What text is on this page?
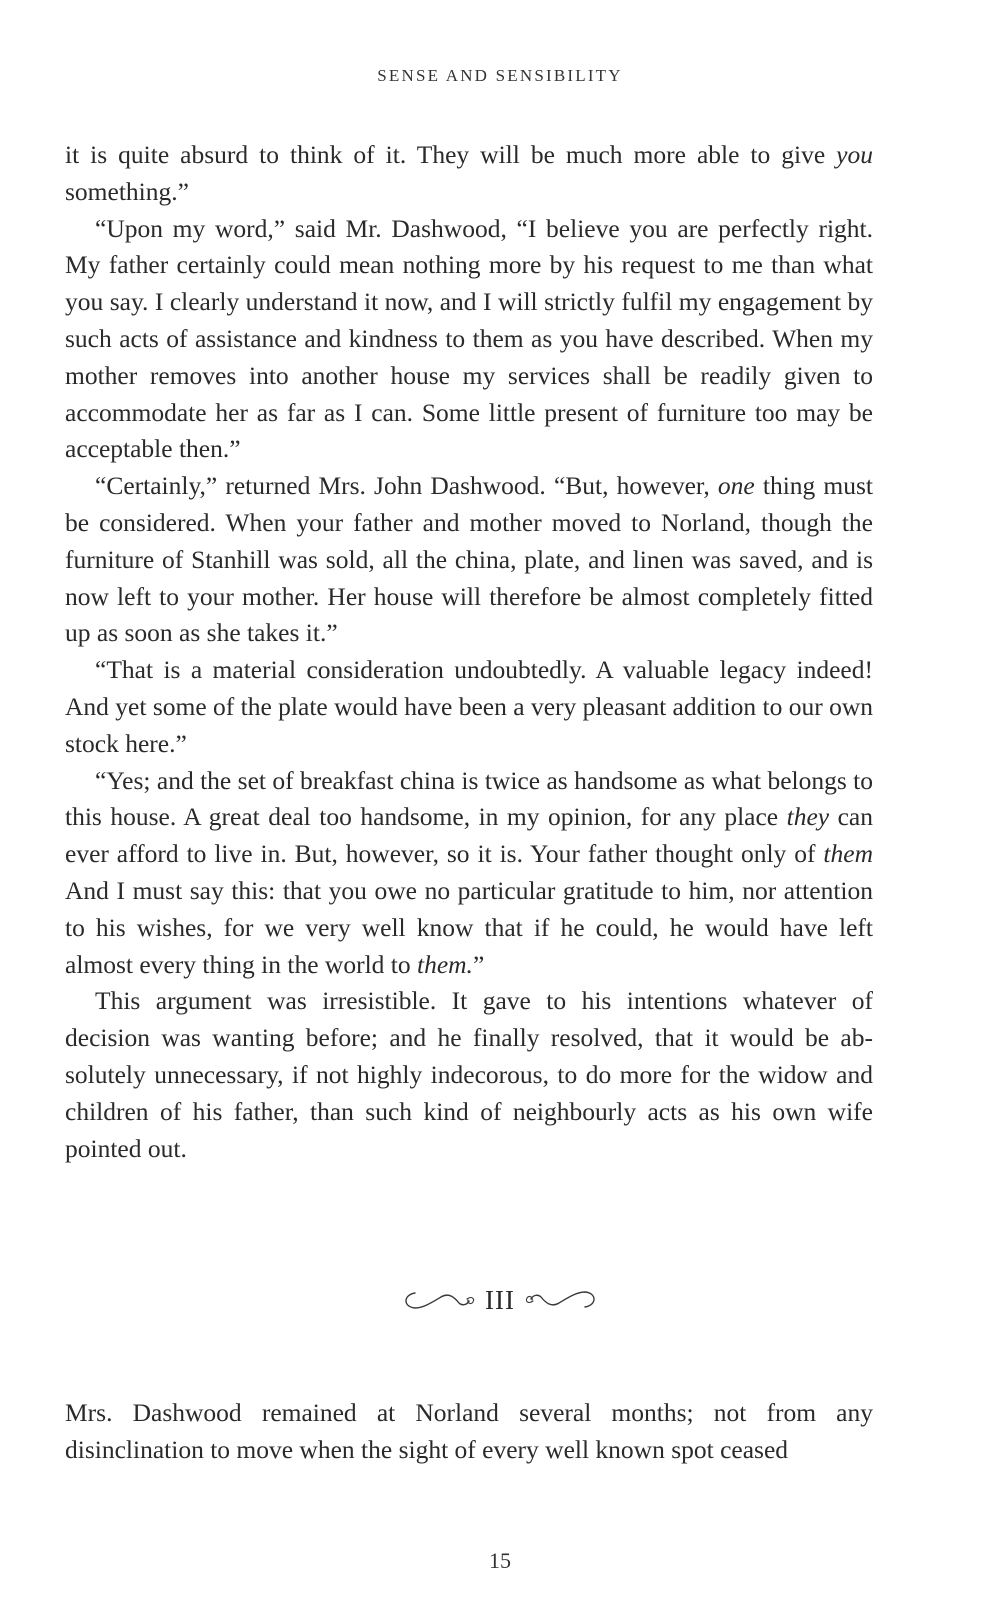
SENSE AND SENSIBILITY

it is quite absurd to think of it. They will be much more able to give you something.”

“Upon my word,” said Mr. Dashwood, “I believe you are perfectly right. My father certainly could mean nothing more by his request to me than what you say. I clearly understand it now, and I will strictly fulfil my engagement by such acts of assistance and kindness to them as you have described. When my mother removes into another house my services shall be readily given to accommodate her as far as I can. Some little present of furniture too may be acceptable then.”

“Certainly,” returned Mrs. John Dashwood. “But, however, one thing must be considered. When your father and mother moved to Norland, though the furniture of Stanhill was sold, all the china, plate, and linen was saved, and is now left to your mother. Her house will therefore be almost completely fitted up as soon as she takes it.”

“That is a material consideration undoubtedly. A valuable legacy indeed! And yet some of the plate would have been a very pleasant addition to our own stock here.”

“Yes; and the set of breakfast china is twice as handsome as what belongs to this house. A great deal too handsome, in my opinion, for any place they can ever afford to live in. But, however, so it is. Your father thought only of them And I must say this: that you owe no particular gratitude to him, nor attention to his wishes, for we very well know that if he could, he would have left almost every thing in the world to them.”

This argument was irresistible. It gave to his intentions whatever of decision was wanting before; and he finally resolved, that it would be absolutely unnecessary, if not highly indecorous, to do more for the widow and children of his father, than such kind of neighbourly acts as his own wife pointed out.

III

Mrs. Dashwood remained at Norland several months; not from any disinclination to move when the sight of every well known spot ceased

15
